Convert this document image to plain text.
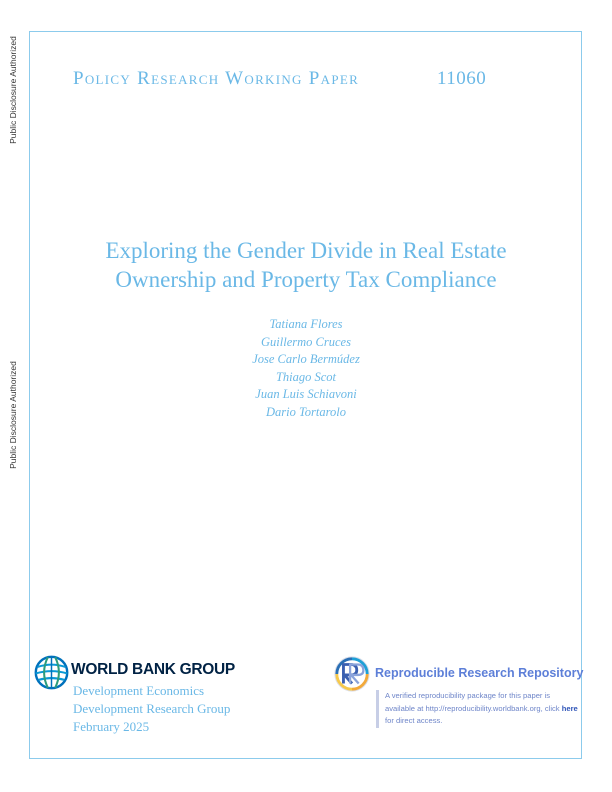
Public Disclosure Authorized
Public Disclosure Authorized
Policy Research Working Paper	11060
Exploring the Gender Divide in Real Estate
Ownership and Property Tax Compliance
Tatiana Flores
Guillermo Cruces
Jose Carlo Bermúdez
Thiago Scot
Juan Luis Schiavoni
Dario Tortarolo
WORLD BANK GROUP
Development Economics
Development Research Group
February 2025
Reproducible Research Repository
A verified reproducibility package for this paper is available at http://reproducibility.worldbank.org, click here for direct access.
